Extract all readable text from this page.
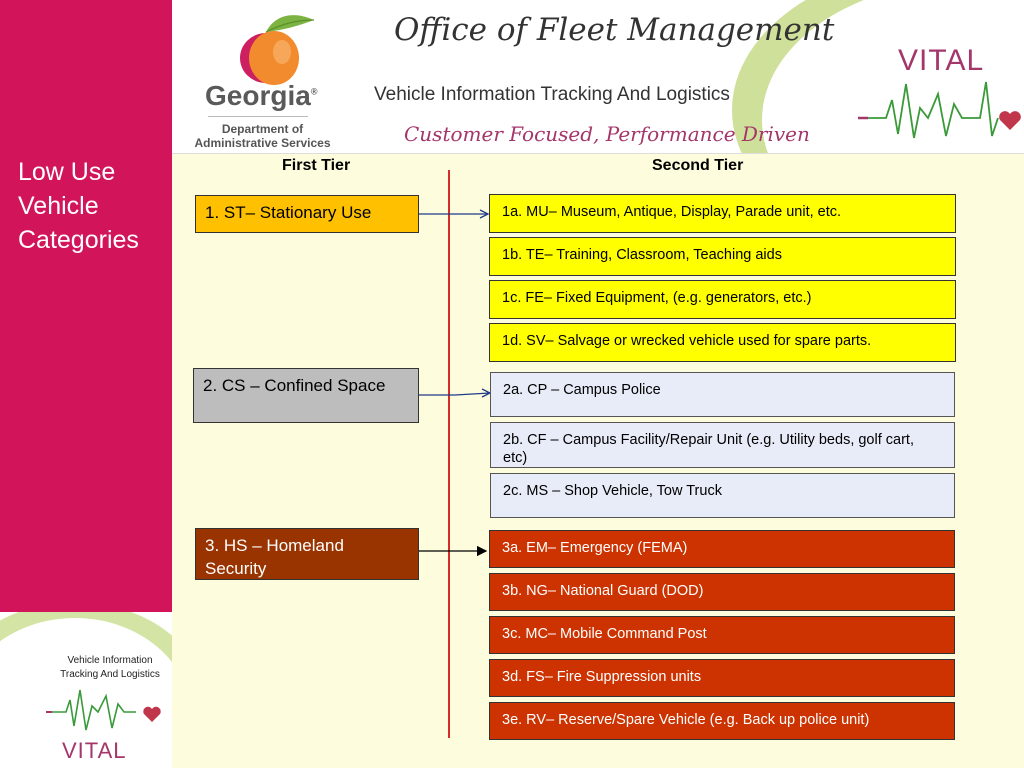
Low Use
Vehicle
Categories
Vehicle Information
Tracking And Logistics
VITAL
Georgia®
Department of
Administrative Services
Office of Fleet Management
Vehicle Information Tracking And Logistics
Customer Focused, Performance Driven
VITAL
First Tier	Second Tier
1. ST– Stationary Use
2. CS – Confined Space
3. HS – Homeland Security
1a. MU– Museum, Antique, Display, Parade unit, etc.
1b. TE– Training, Classroom, Teaching aids
1c. FE– Fixed Equipment, (e.g. generators, etc.)
1d. SV– Salvage or wrecked vehicle used for spare parts.
2a. CP – Campus Police
2b. CF – Campus Facility/Repair Unit (e.g. Utility beds, golf cart, etc)
2c. MS – Shop Vehicle, Tow Truck
3a. EM– Emergency (FEMA)
3b. NG– National Guard (DOD)
3c. MC– Mobile Command Post
3d. FS– Fire Suppression units
3e. RV– Reserve/Spare Vehicle (e.g. Back up police unit)
